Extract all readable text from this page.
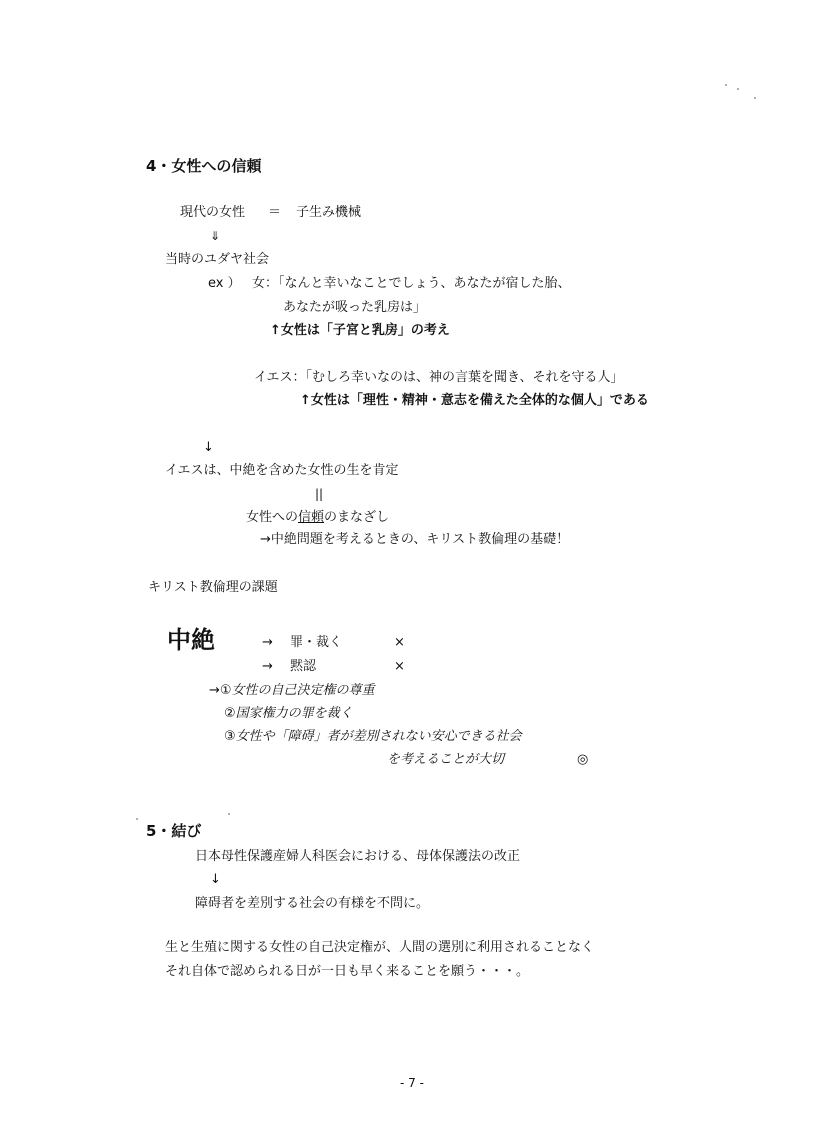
4・女性への信頼
現代の女性 ＝ 子生み機械
⇓
当時のユダヤ社会
ex ） 女：「なんと幸いなことでしょう、あなたが宿した胎、
あなたが吸った乳房は」
↑女性は「子宮と乳房」の考え
イエス：「むしろ幸いなのは、神の言葉を聞き、それを守る人」
↑女性は「理性・精神・意志を備えた全体的な個人」である
↓
イエスは、中絶を含めた女性の生を肯定
||
女性への信頼のまなざし
→中絶問題を考えるときの、キリスト教倫理の基礎！
キリスト教倫理の課題
中絶	→ 罪・裁く	×
→ 黙認	×
→①女性の自己決定権の尊重
②国家権力の罪を裁く
③女性や「障碍」者が差別されない安心できる社会
を考えることが大切	◎
5・結び
日本母性保護産婦人科医会における、母体保護法の改正
↓
障碍者を差別する社会の有様を不問に。
生と生殖に関する女性の自己決定権が、人間の選別に利用されることなく
それ自体で認められる日が一日も早く来ることを願う・・・。
- 7 -
